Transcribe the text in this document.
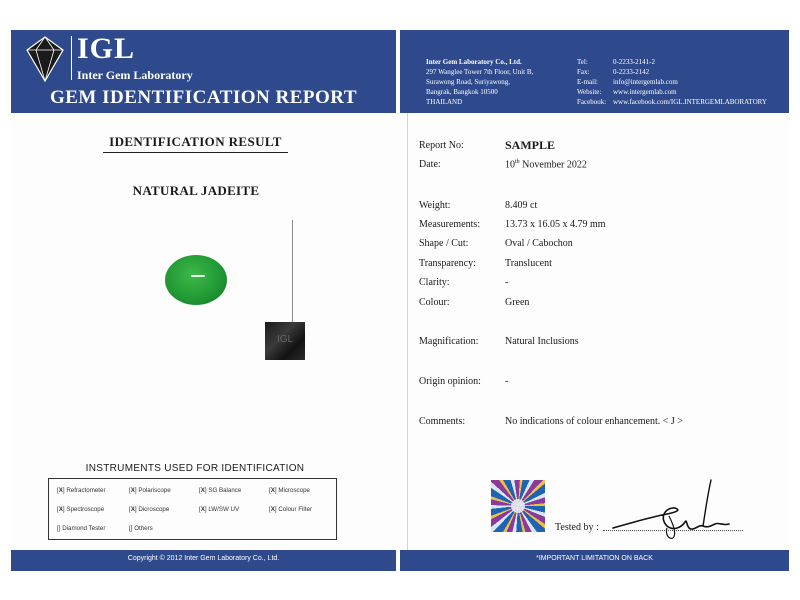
IGL
Inter Gem Laboratory
GEM IDENTIFICATION REPORT
Inter Gem Laboratory Co., Ltd.
297 Wanglee Tower 7th Floor, Unit B,
Surawong Road, Suriyawong,
Bangrak, Bangkok 10500
THAILAND
Tel:	0-2233-2141-2
Fax:	0-2233-2142
E-mail: info@intergemlab.com
Website: www.intergemlab.com
Facebook: www.facebook.com/IGL.INTERGEMLABORATORY
IDENTIFICATION RESULT
NATURAL JADEITE
IGL
INSTRUMENTS USED FOR IDENTIFICATION
[X] Refractometer	[X] Polariscope	[X] SG Balance	[X] Microscope
[X] Spectroscope	[X] Dicroscope	[X] LW/SW UV	[X] Colour Filter
[] Diamond Tester	[] Others
Report No:	SAMPLE
Date:	10th November 2022
Weight:	8.409 ct
Measurements: 13.73 x 16.05 x 4.79 mm
Shape / Cut:	Oval / Cabochon
Transparency:	Translucent
Clarity:	-
Colour:	Green
Magnification:	Natural Inclusions
Origin opinion: -
Comments:	No indications of colour enhancement. < J >
Tested by :
Copyright © 2012 Inter Gem Laboratory Co., Ltd.	*IMPORTANT LIMITATION ON BACK
